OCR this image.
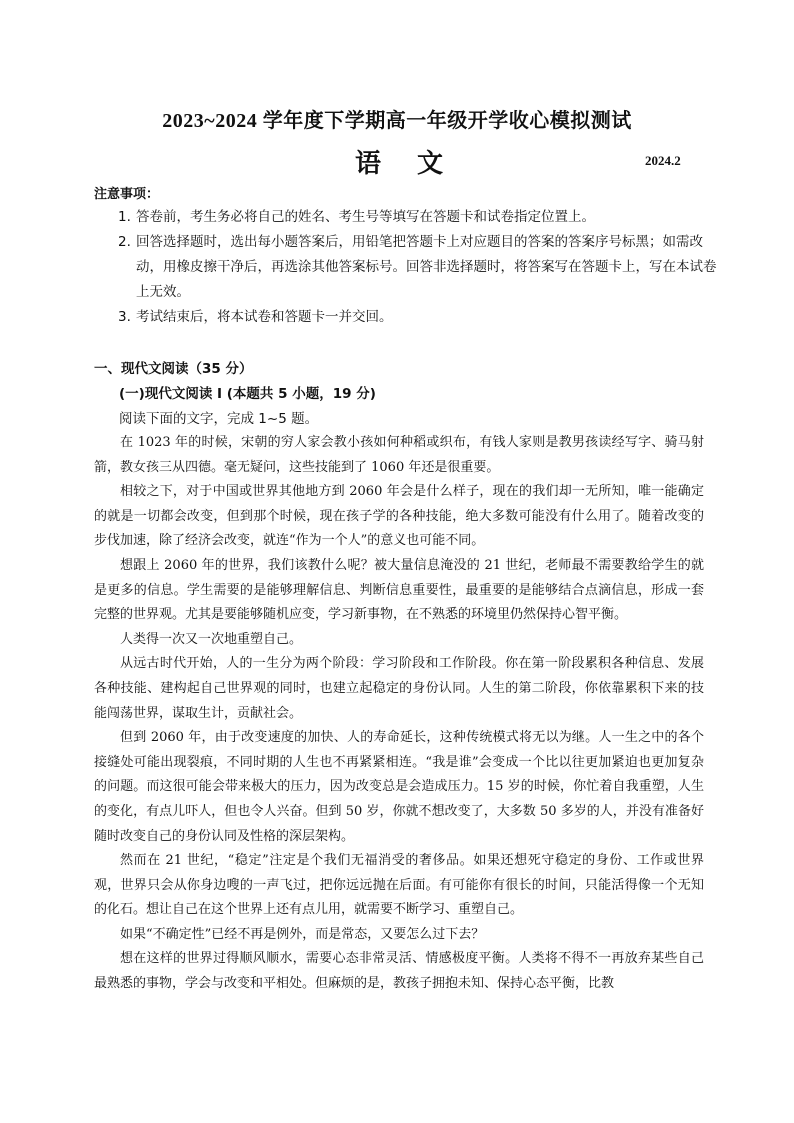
2023~2024 学年度下学期高一年级开学收心模拟测试
语文	2024.2
注意事项：
1. 答卷前，考生务必将自己的姓名、考生号等填写在答题卡和试卷指定位置上。
2. 回答选择题时，选出每小题答案后，用铅笔把答题卡上对应题目的答案的答案序号标黑；如需改动，用橡皮擦干净后，再选涂其他答案标号。回答非选择题时，将答案写在答题卡上，写在本试卷上无效。
3. 考试结束后，将本试卷和答题卡一并交回。
一、现代文阅读（35 分）
(一)现代文阅读 I (本题共 5 小题，19 分)
阅读下面的文字，完成 1~5 题。

在 1023 年的时候，宋朝的穷人家会教小孩如何种稻或织布，有钱人家则是教男孩读经写字、骑马射箭，教女孩三从四德。毫无疑问，这些技能到了 1060 年还是很重要。

相较之下，对于中国或世界其他地方到 2060 年会是什么样子，现在的我们却一无所知，唯一能确定的就是一切都会改变，但到那个时候，现在孩子学的各种技能，绝大多数可能没有什么用了。随着改变的步伐加速，除了经济会改变，就连“作为一个人”的意义也可能不同。

想跟上 2060 年的世界，我们该教什么呢？被大量信息淹没的 21 世纪，老师最不需要教给学生的就是更多的信息。学生需要的是能够理解信息、判断信息重要性，最重要的是能够结合点滴信息，形成一套完整的世界观。尤其是要能够随机应变，学习新事物，在不熟悉的环境里仍然保持心智平衡。

人类得一次又一次地重塑自己。

从远古时代开始，人的一生分为两个阶段：学习阶段和工作阶段。你在第一阶段累积各种信息、发展各种技能、建构起自己世界观的同时，也建立起稳定的身份认同。人生的第二阶段，你依靠累积下来的技能闯荡世界，谋取生计，贡献社会。

但到 2060 年，由于改变速度的加快、人的寿命延长，这种传统模式将无以为继。人一生之中的各个接缝处可能出现裂痕，不同时期的人生也不再紧紧相连。“我是谁”会变成一个比以往更加紧迫也更加复杂的问题。而这很可能会带来极大的压力，因为改变总是会造成压力。15 岁的时候，你忙着自我重塑，人生的变化，有点儿吓人，但也令人兴奋。但到 50 岁，你就不想改变了，大多数 50 多岁的人，并没有准备好随时改变自己的身份认同及性格的深层架构。

然而在 21 世纪，“稳定”注定是个我们无福消受的奢侈品。如果还想死守稳定的身份、工作或世界观，世界只会从你身边嗖的一声飞过，把你远远抛在后面。有可能你有很长的时间，只能活得像一个无知的化石。想让自己在这个世界上还有点儿用，就需要不断学习、重塑自己。

如果“不确定性”已经不再是例外，而是常态，又要怎么过下去？

想在这样的世界过得顺风顺水，需要心态非常灵活、情感极度平衡。人类将不得不一再放弃某些自己最熟悉的事物，学会与改变和平相处。但麻烦的是，教孩子拥抱未知、保持心态平衡，比教
